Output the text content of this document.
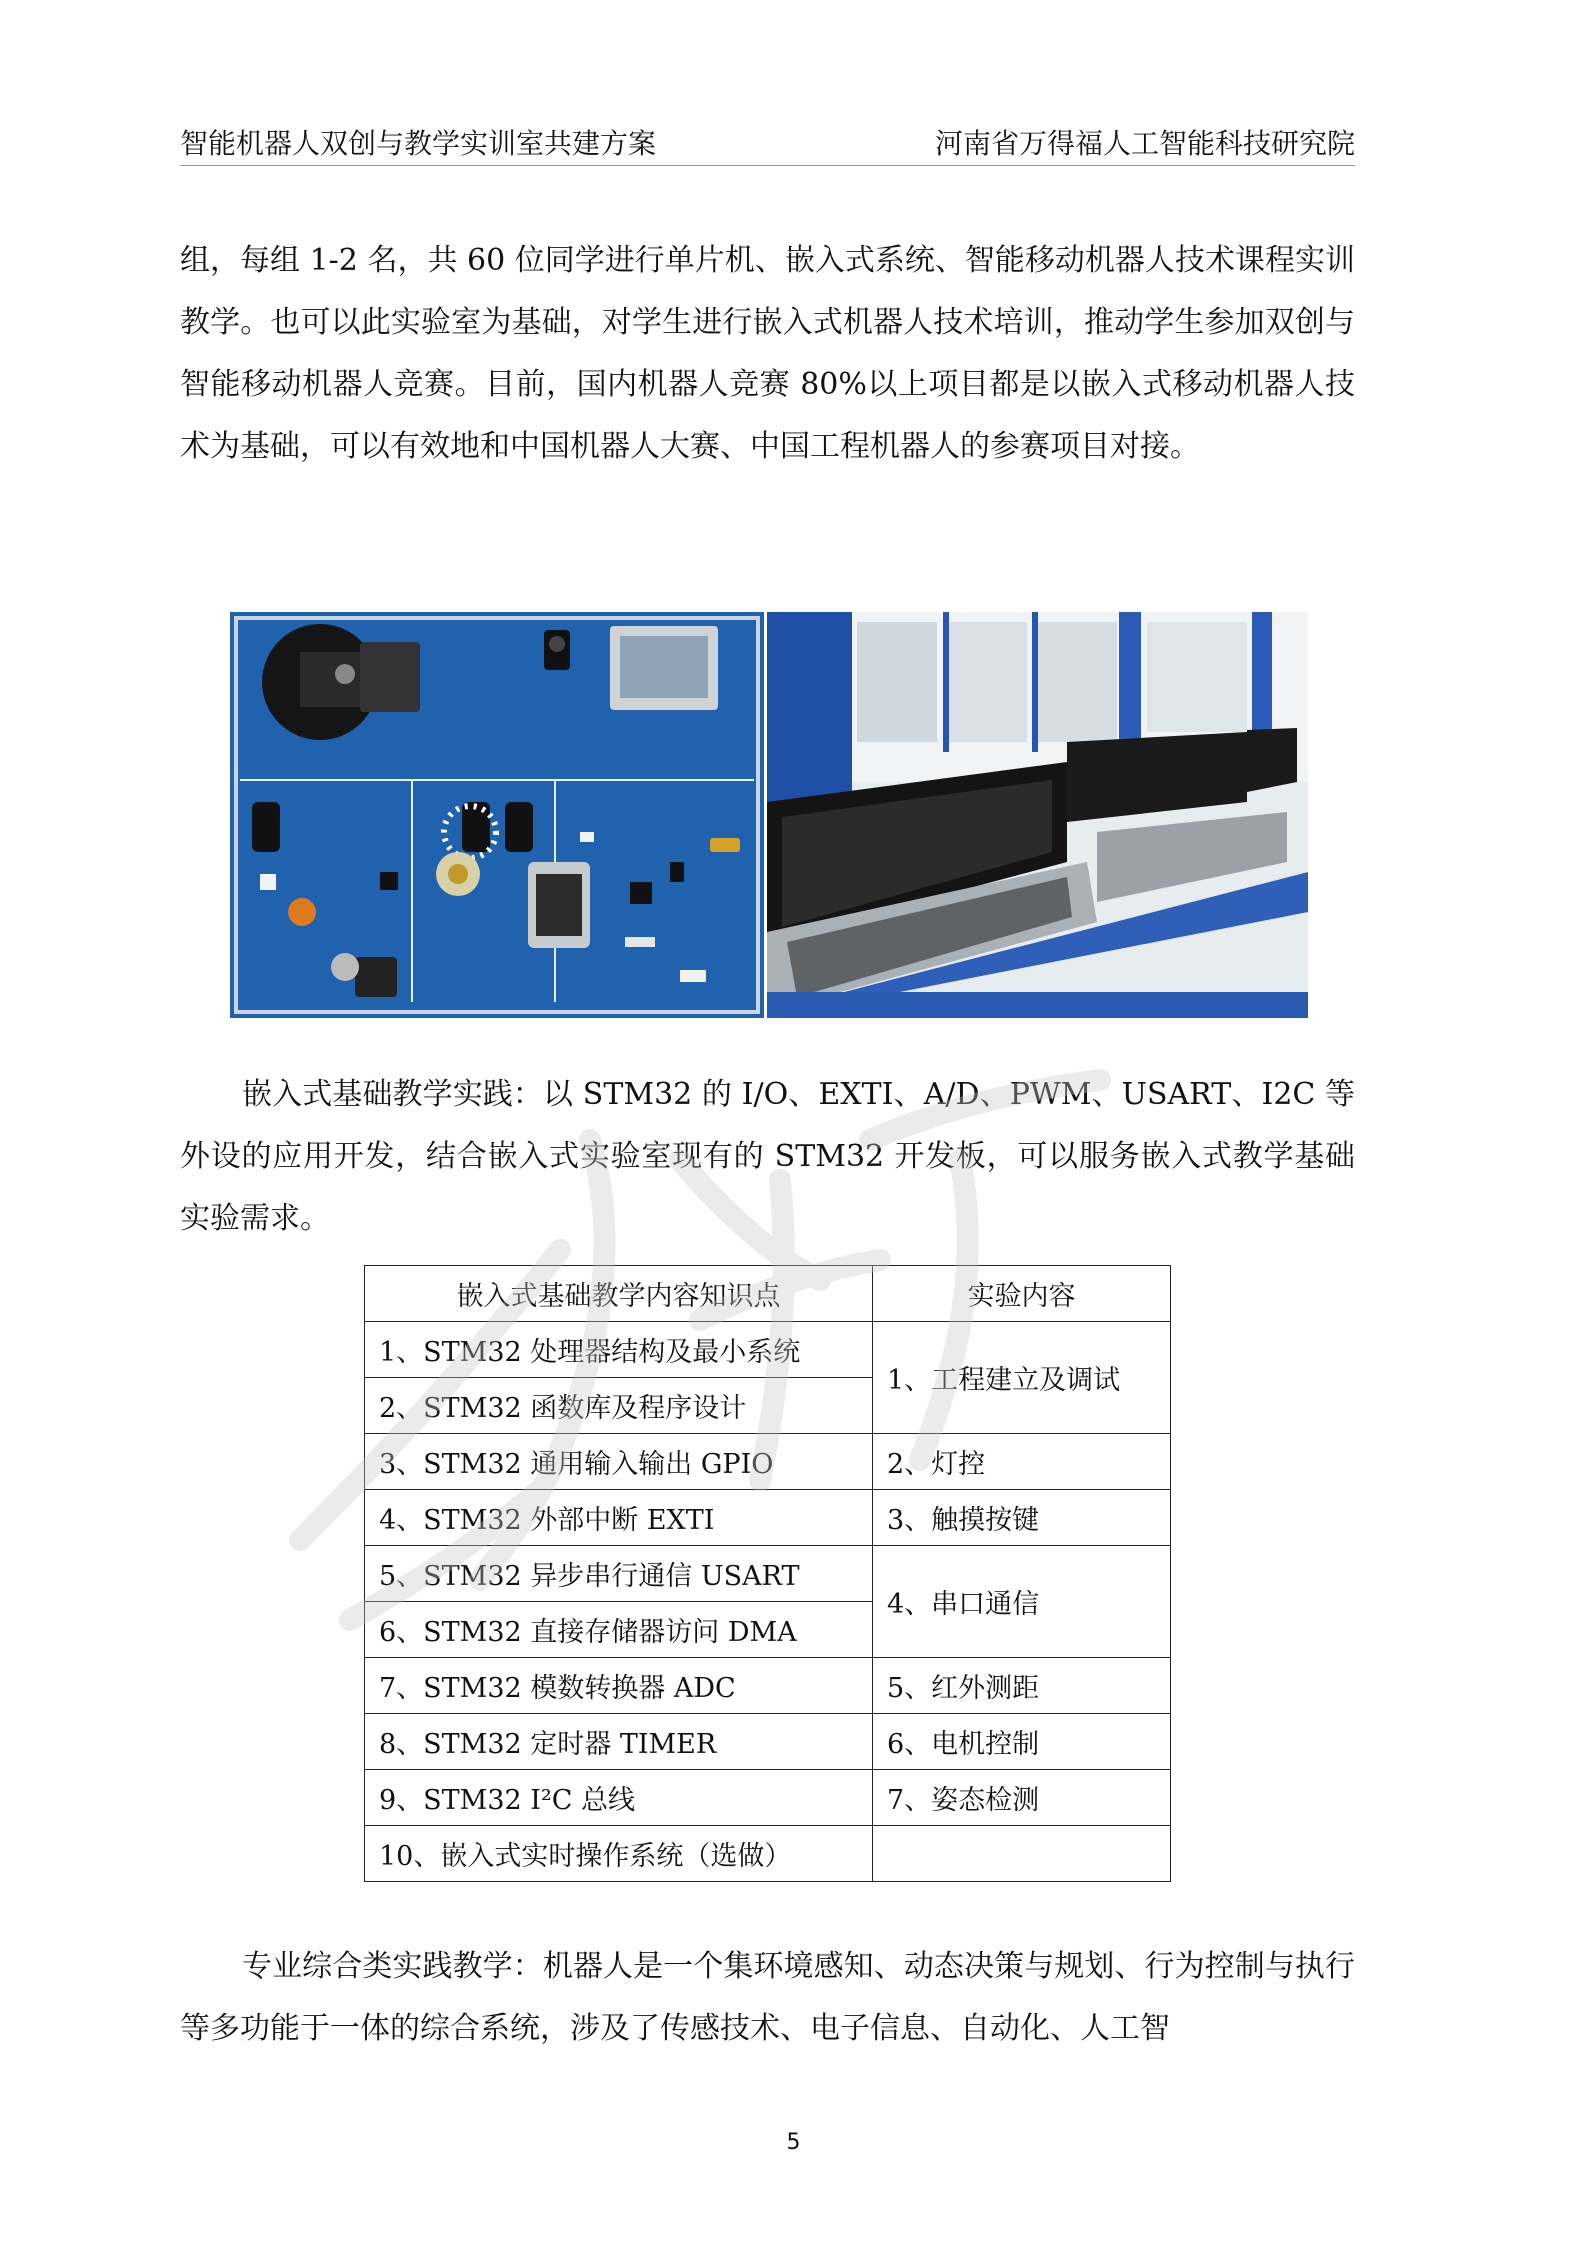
智能机器人双创与教学实训室共建方案	河南省万得福人工智能科技研究院
组，每组 1-2 名，共 60 位同学进行单片机、嵌入式系统、智能移动机器人技术课程实训教学。也可以此实验室为基础，对学生进行嵌入式机器人技术培训，推动学生参加双创与智能移动机器人竞赛。目前，国内机器人竞赛 80%以上项目都是以嵌入式移动机器人技术为基础，可以有效地和中国机器人大赛、中国工程机器人的参赛项目对接。
嵌入式基础教学实践：以 STM32 的 I/O、EXTI、A/D、PWM、USART、I2C 等外设的应用开发，结合嵌入式实验室现有的 STM32 开发板，可以服务嵌入式教学基础实验需求。
嵌入式基础教学内容知识点	实验内容
1、STM32 处理器结构及最小系统	1、工程建立及调试
2、STM32 函数库及程序设计	
3、STM32 通用输入输出 GPIO	2、灯控
4、STM32 外部中断 EXTI	3、触摸按键
5、STM32 异步串行通信 USART	4、串口通信
6、STM32 直接存储器访问 DMA	
7、STM32 模数转换器 ADC	5、红外测距
8、STM32 定时器 TIMER	6、电机控制
9、STM32 I²C 总线	7、姿态检测
10、嵌入式实时操作系统（选做）	
专业综合类实践教学：机器人是一个集环境感知、动态决策与规划、行为控制与执行等多功能于一体的综合系统，涉及了传感技术、电子信息、自动化、人工智
5
